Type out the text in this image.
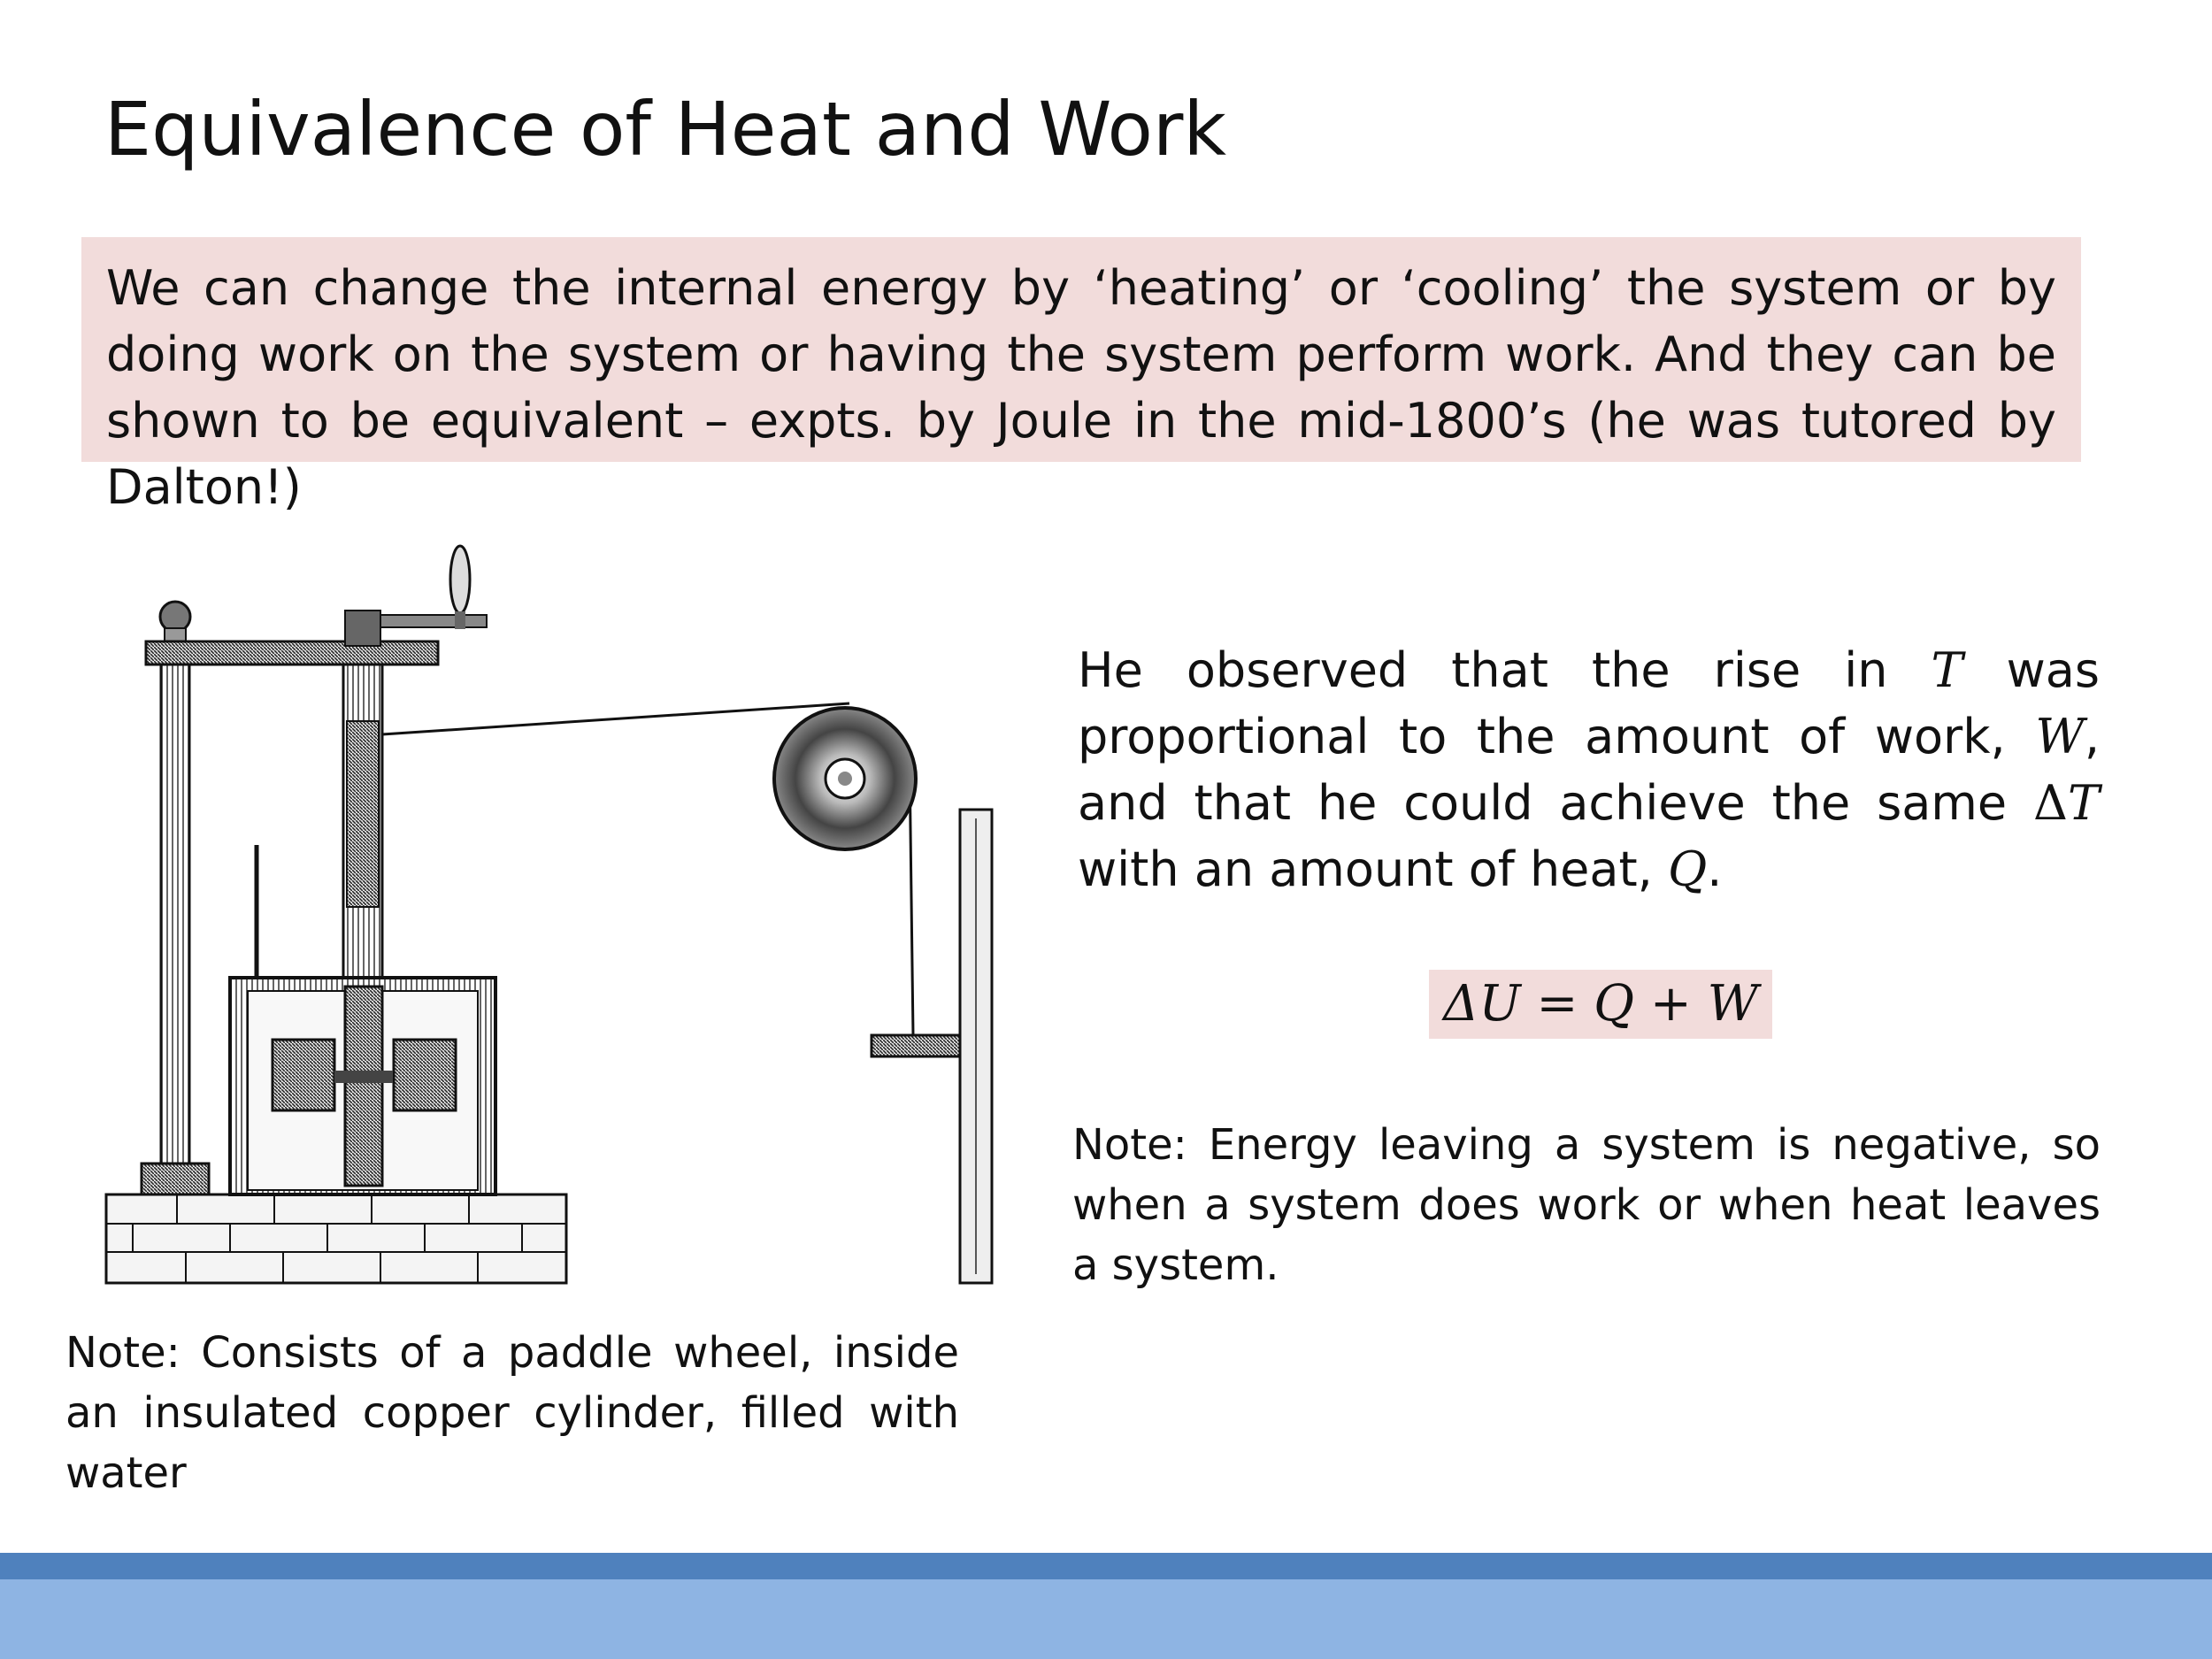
Equivalence of Heat and Work
We can change the internal energy by ‘heating’ or ‘cooling’ the system or by doing work on the system or having the system perform work. And they can be shown to be equivalent – expts. by Joule in the mid-1800’s (he was tutored by Dalton!)
Note: Consists of a paddle wheel, inside an insulated copper cylinder, filled with water
He observed that the rise in T was proportional to the amount of work, W, and that he could achieve the same ΔT with an amount of heat, Q.
ΔU = Q + W
Note: Energy leaving a system is negative, so when a system does work or when heat leaves a system.
